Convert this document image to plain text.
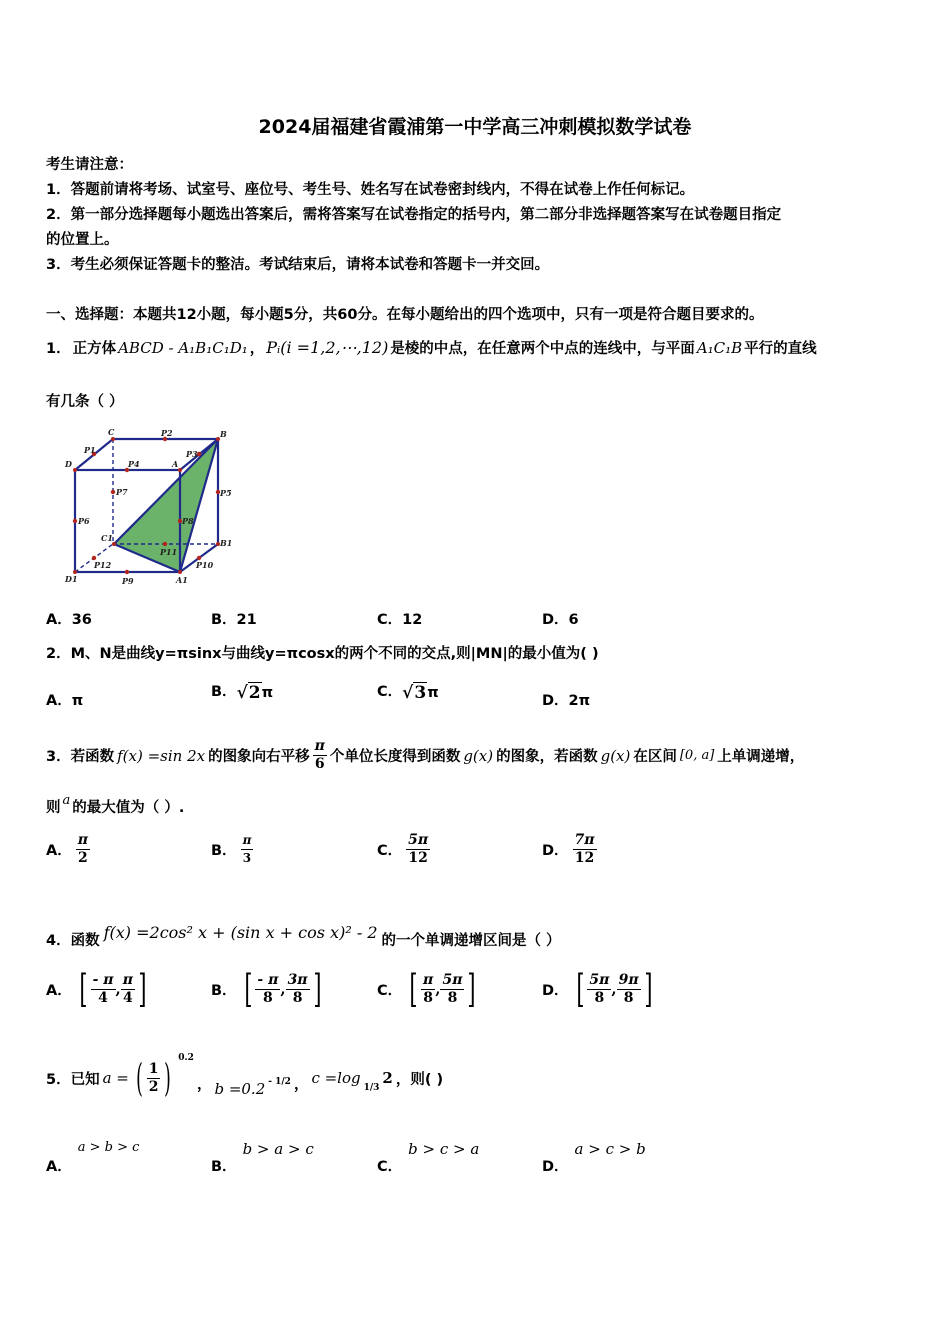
2024届福建省霞浦第一中学高三冲刺模拟数学试卷
考生请注意：
1．答题前请将考场、试室号、座位号、考生号、姓名写在试卷密封线内，不得在试卷上作任何标记。
2．第一部分选择题每小题选出答案后，需将答案写在试卷指定的括号内，第二部分非选择题答案写在试卷题目指定
的位置上。
3．考生必须保证答题卡的整洁。考试结束后，请将本试卷和答题卡一并交回。
一、选择题：本题共12小题，每小题5分，共60分。在每小题给出的四个选项中，只有一项是符合题目要求的。
1． 正方体 ABCD - A₁B₁C₁D₁ ， Pᵢ(i =1,2,⋯,12) 是棱的中点，在任意两个中点的连线中，与平面 A₁C₁B 平行的直线
有几条（ ）
C	B
D	A
C1	B1
D1	A1
P1
P2
P3
P4
P5
P6
P7
P8
P9
P10
P11
P12
A．36	B．21	C．12	D．6
2．M、N是曲线y=πsinx与曲线y=πcosx的两个不同的交点,则|MN|的最小值为( )
A．π
B． √2 π	C． √3 π	D．2π
3．若函数 f(x) =sin 2x 的图象向右平移 $\frac{\pi}{6}$ 个单位长度得到函数 g(x) 的图象，若函数 g(x) 在区间 [0, a] 上单调递增，
则 a 的最大值为（ ）.
A． $\frac{\pi}{2}$	B． $\frac{\pi}{3}$	C． $\frac{5\pi}{12}$	D． $\frac{7\pi}{12}$
4．函数 f(x) =2cos² x + (sin x + cos x)² - 2 的一个单调递增区间是（ ）
A． [ $\frac{- \pi}{4}$ , $\frac{\pi}{4}$ ]	B． [ $\frac{- \pi}{8}$ , $\frac{3\pi}{8}$ ]	C． [ $\frac{\pi}{8}$ , $\frac{5\pi}{8}$ ]	D． [ $\frac{5\pi}{8}$ , $\frac{9\pi}{8}$ ]
5．已知 a = ( $\frac{1}{2}$ ) 0.2
， b =0.2 - 1/2 ， c =log
1/3
2 ，则( )
A．
a > b > c
B．
b > a > c
C．
b > c > a
D．
a > c > b
